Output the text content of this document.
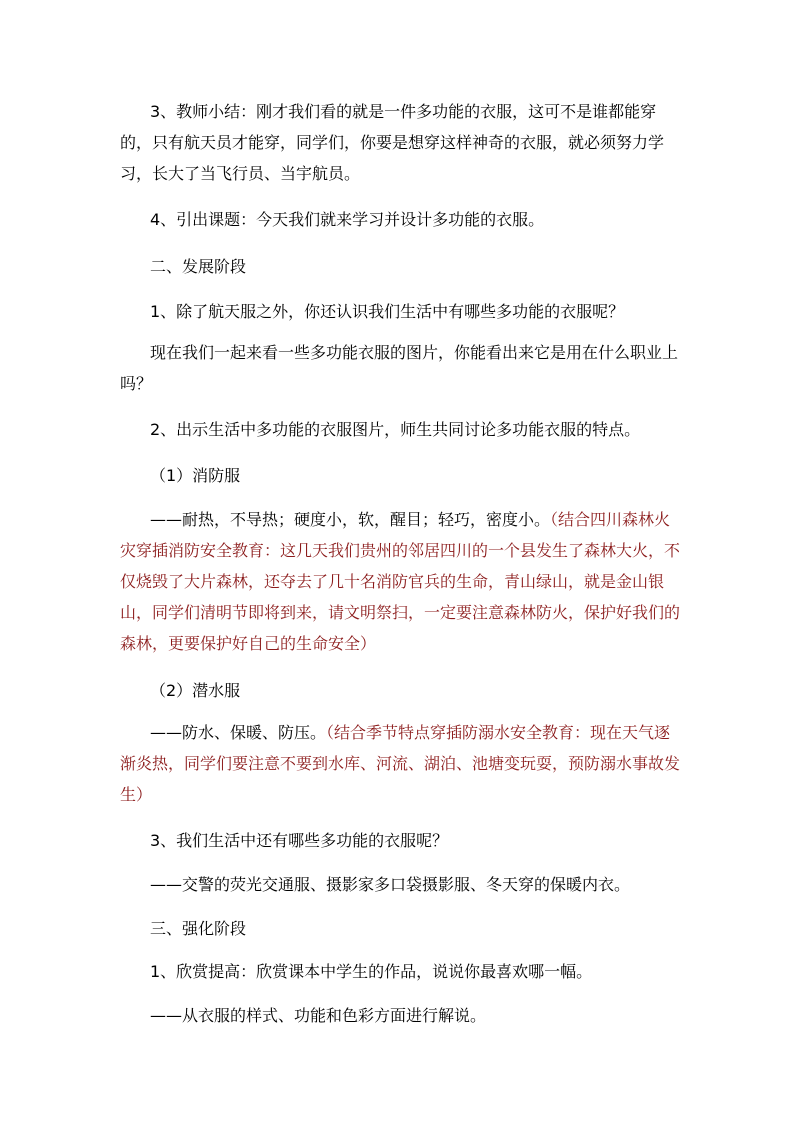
3、教师小结：刚才我们看的就是一件多功能的衣服，这可不是谁都能穿的，只有航天员才能穿，同学们，你要是想穿这样神奇的衣服，就必须努力学习，长大了当飞行员、当宇航员。

4、引出课题：今天我们就来学习并设计多功能的衣服。

二、发展阶段

1、除了航天服之外，你还认识我们生活中有哪些多功能的衣服呢？

现在我们一起来看一些多功能衣服的图片，你能看出来它是用在什么职业上吗？

2、出示生活中多功能的衣服图片，师生共同讨论多功能衣服的特点。

（1）消防服

——耐热，不导热；硬度小，软，醒目；轻巧，密度小。（结合四川森林火灾穿插消防安全教育：这几天我们贵州的邻居四川的一个县发生了森林大火，不仅烧毁了大片森林，还夺去了几十名消防官兵的生命，青山绿山，就是金山银山，同学们清明节即将到来，请文明祭扫，一定要注意森林防火，保护好我们的森林，更要保护好自己的生命安全）

（2）潜水服

——防水、保暖、防压。（结合季节特点穿插防溺水安全教育：现在天气逐渐炎热，同学们要注意不要到水库、河流、湖泊、池塘变玩耍，预防溺水事故发生）

3、我们生活中还有哪些多功能的衣服呢？

——交警的荧光交通服、摄影家多口袋摄影服、冬天穿的保暖内衣。

三、强化阶段

1、欣赏提高：欣赏课本中学生的作品，说说你最喜欢哪一幅。

——从衣服的样式、功能和色彩方面进行解说。
